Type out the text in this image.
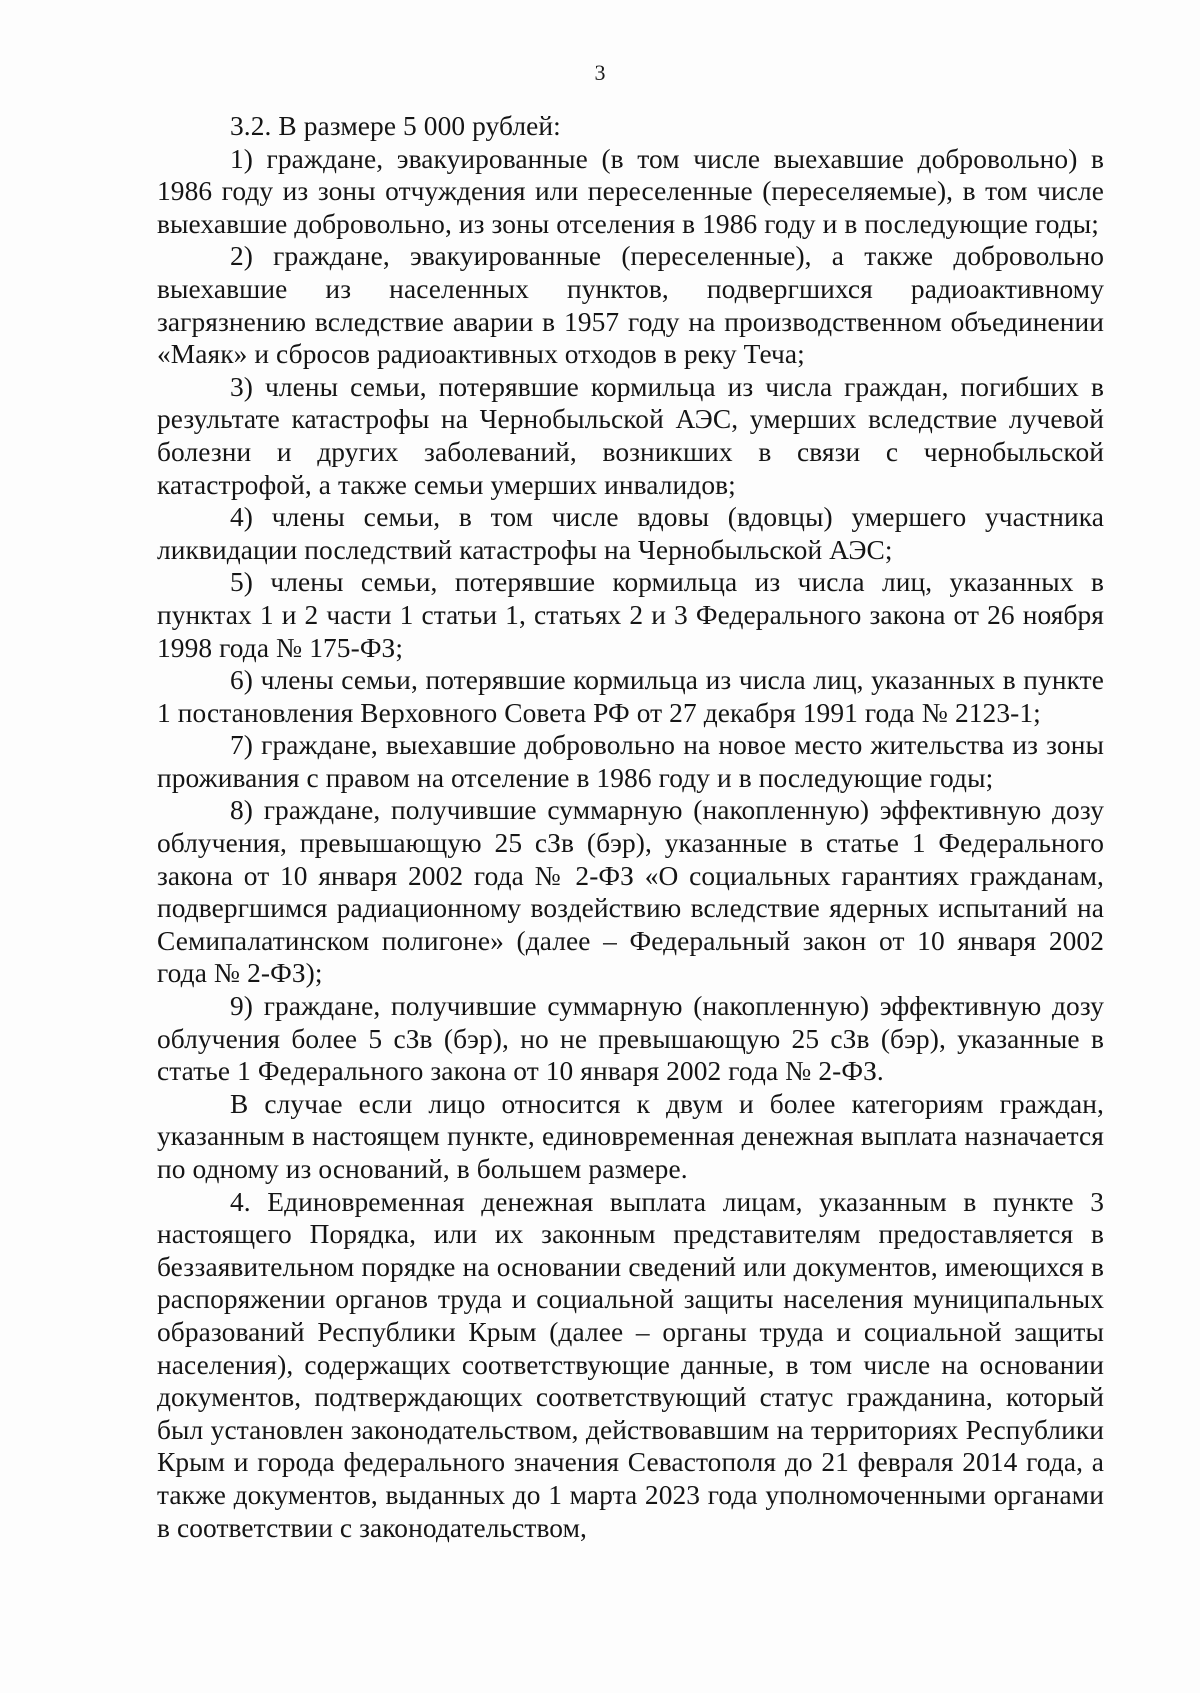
3

3.2. В размере 5 000 рублей:

1) граждане, эвакуированные (в том числе выехавшие добровольно) в 1986 году из зоны отчуждения или переселенные (переселяемые), в том числе выехавшие добровольно, из зоны отселения в 1986 году и в последующие годы;

2) граждане, эвакуированные (переселенные), а также добровольно выехавшие из населенных пунктов, подвергшихся радиоактивному загрязнению вследствие аварии в 1957 году на производственном объединении «Маяк» и сбросов радиоактивных отходов в реку Теча;

3) члены семьи, потерявшие кормильца из числа граждан, погибших в результате катастрофы на Чернобыльской АЭС, умерших вследствие лучевой болезни и других заболеваний, возникших в связи с чернобыльской катастрофой, а также семьи умерших инвалидов;

4) члены семьи, в том числе вдовы (вдовцы) умершего участника ликвидации последствий катастрофы на Чернобыльской АЭС;

5) члены семьи, потерявшие кормильца из числа лиц, указанных в пунктах 1 и 2 части 1 статьи 1, статьях 2 и 3 Федерального закона от 26 ноября 1998 года № 175-ФЗ;

6) члены семьи, потерявшие кормильца из числа лиц, указанных в пункте 1 постановления Верховного Совета РФ от 27 декабря 1991 года № 2123-1;

7) граждане, выехавшие добровольно на новое место жительства из зоны проживания с правом на отселение в 1986 году и в последующие годы;

8) граждане, получившие суммарную (накопленную) эффективную дозу облучения, превышающую 25 сЗв (бэр), указанные в статье 1 Федерального закона от 10 января 2002 года № 2-ФЗ «О социальных гарантиях гражданам, подвергшимся радиационному воздействию вследствие ядерных испытаний на Семипалатинском полигоне» (далее – Федеральный закон от 10 января 2002 года № 2-ФЗ);

9) граждане, получившие суммарную (накопленную) эффективную дозу облучения более 5 сЗв (бэр), но не превышающую 25 сЗв (бэр), указанные в статье 1 Федерального закона от 10 января 2002 года № 2-ФЗ.

В случае если лицо относится к двум и более категориям граждан, указанным в настоящем пункте, единовременная денежная выплата назначается по одному из оснований, в большем размере.

4. Единовременная денежная выплата лицам, указанным в пункте 3 настоящего Порядка, или их законным представителям предоставляется в беззаявительном порядке на основании сведений или документов, имеющихся в распоряжении органов труда и социальной защиты населения муниципальных образований Республики Крым (далее – органы труда и социальной защиты населения), содержащих соответствующие данные, в том числе на основании документов, подтверждающих соответствующий статус гражданина, который был установлен законодательством, действовавшим на территориях Республики Крым и города федерального значения Севастополя до 21 февраля 2014 года, а также документов, выданных до 1 марта 2023 года уполномоченными органами в соответствии с законодательством,
